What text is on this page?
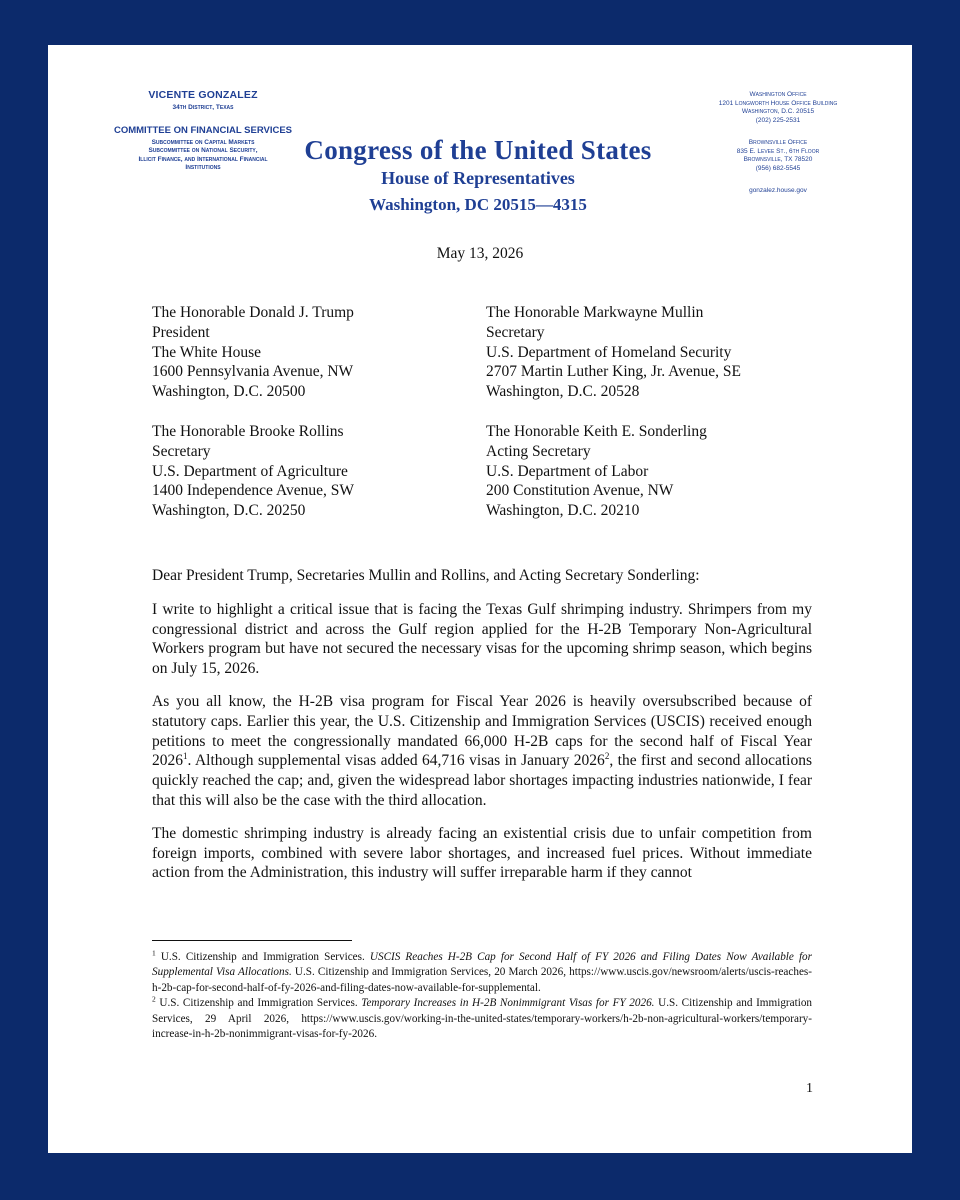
VICENTE GONZALEZ
34th District, Texas
COMMITTEE ON FINANCIAL SERVICES
Subcommittee on Capital Markets
Subcommittee on National Security,
Illicit Finance, and International Financial
Institutions
Congress of the United States
House of Representatives
Washington, DC 20515—4315
Washington Office
1201 Longworth House Office Building
Washington, D.C. 20515
(202) 225-2531
Brownsville Office
835 E. Levee St., 6th Floor
Brownsville, TX 78520
(956) 682-5545
gonzalez.house.gov
May 13, 2026
The Honorable Donald J. Trump
President
The White House
1600 Pennsylvania Avenue, NW
Washington, D.C. 20500
The Honorable Markwayne Mullin
Secretary
U.S. Department of Homeland Security
2707 Martin Luther King, Jr. Avenue, SE
Washington, D.C. 20528
The Honorable Brooke Rollins
Secretary
U.S. Department of Agriculture
1400 Independence Avenue, SW
Washington, D.C. 20250
The Honorable Keith E. Sonderling
Acting Secretary
U.S. Department of Labor
200 Constitution Avenue, NW
Washington, D.C. 20210

Dear President Trump, Secretaries Mullin and Rollins, and Acting Secretary Sonderling:

I write to highlight a critical issue that is facing the Texas Gulf shrimping industry. Shrimpers from my congressional district and across the Gulf region applied for the H-2B Temporary Non-Agricultural Workers program but have not secured the necessary visas for the upcoming shrimp season, which begins on July 15, 2026.

As you all know, the H-2B visa program for Fiscal Year 2026 is heavily oversubscribed because of statutory caps. Earlier this year, the U.S. Citizenship and Immigration Services (USCIS) received enough petitions to meet the congressionally mandated 66,000 H-2B caps for the second half of Fiscal Year 2026$^1$. Although supplemental visas added 64,716 visas in January 2026$^2$, the first and second allocations quickly reached the cap; and, given the widespread labor shortages impacting industries nationwide, I fear that this will also be the case with the third allocation.

The domestic shrimping industry is already facing an existential crisis due to unfair competition from foreign imports, combined with severe labor shortages, and increased fuel prices. Without immediate action from the Administration, this industry will suffer irreparable harm if they cannot

$^1$ U.S. Citizenship and Immigration Services. USCIS Reaches H-2B Cap for Second Half of FY 2026 and Filing Dates Now Available for Supplemental Visa Allocations. U.S. Citizenship and Immigration Services, 20 March 2026, https://www.uscis.gov/newsroom/alerts/uscis-reaches-h-2b-cap-for-second-half-of-fy-2026-and-filing-dates-now-available-for-supplemental.

$^2$ U.S. Citizenship and Immigration Services. Temporary Increases in H-2B Nonimmigrant Visas for FY 2026. U.S. Citizenship and Immigration Services, 29 April 2026, https://www.uscis.gov/working-in-the-united-states/temporary-workers/h-2b-non-agricultural-workers/temporary-increase-in-h-2b-nonimmigrant-visas-for-fy-2026.

1
